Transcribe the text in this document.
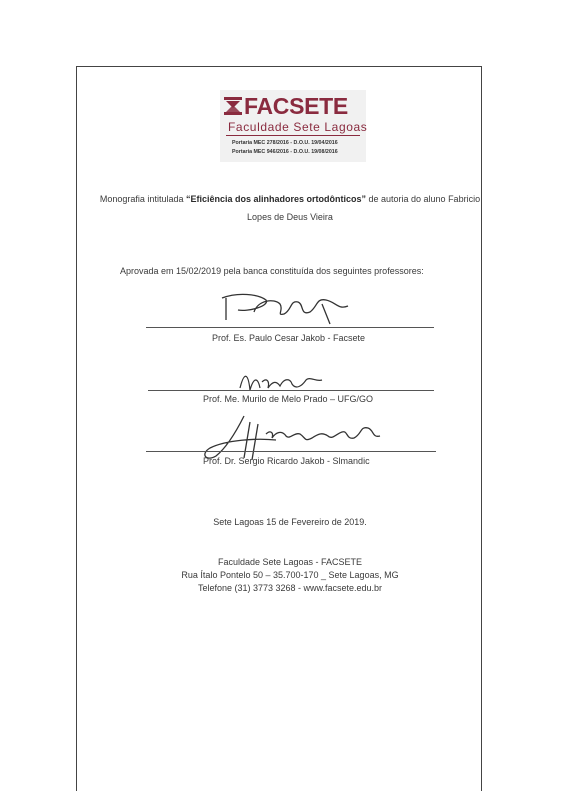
FACSETE
Faculdade Sete Lagoas
Portaria MEC 278/2016 - D.O.U. 19/04/2016
Portaria MEC 946/2016 - D.O.U. 19/08/2016
Monografia intitulada “Eficiência dos alinhadores ortodônticos” de autoria do aluno Fabricio Lopes de Deus Vieira
Aprovada em 15/02/2019 pela banca constituída dos seguintes professores:
Prof. Es. Paulo Cesar Jakob - Facsete
Prof. Me. Murilo de Melo Prado – UFG/GO
Prof. Dr. Sergio Ricardo Jakob - Slmandic
Sete Lagoas 15 de Fevereiro de 2019.
Faculdade Sete Lagoas - FACSETE
Rua Ítalo Pontelo 50 – 35.700-170 _ Sete Lagoas, MG
Telefone (31) 3773 3268 - www.facsete.edu.br
